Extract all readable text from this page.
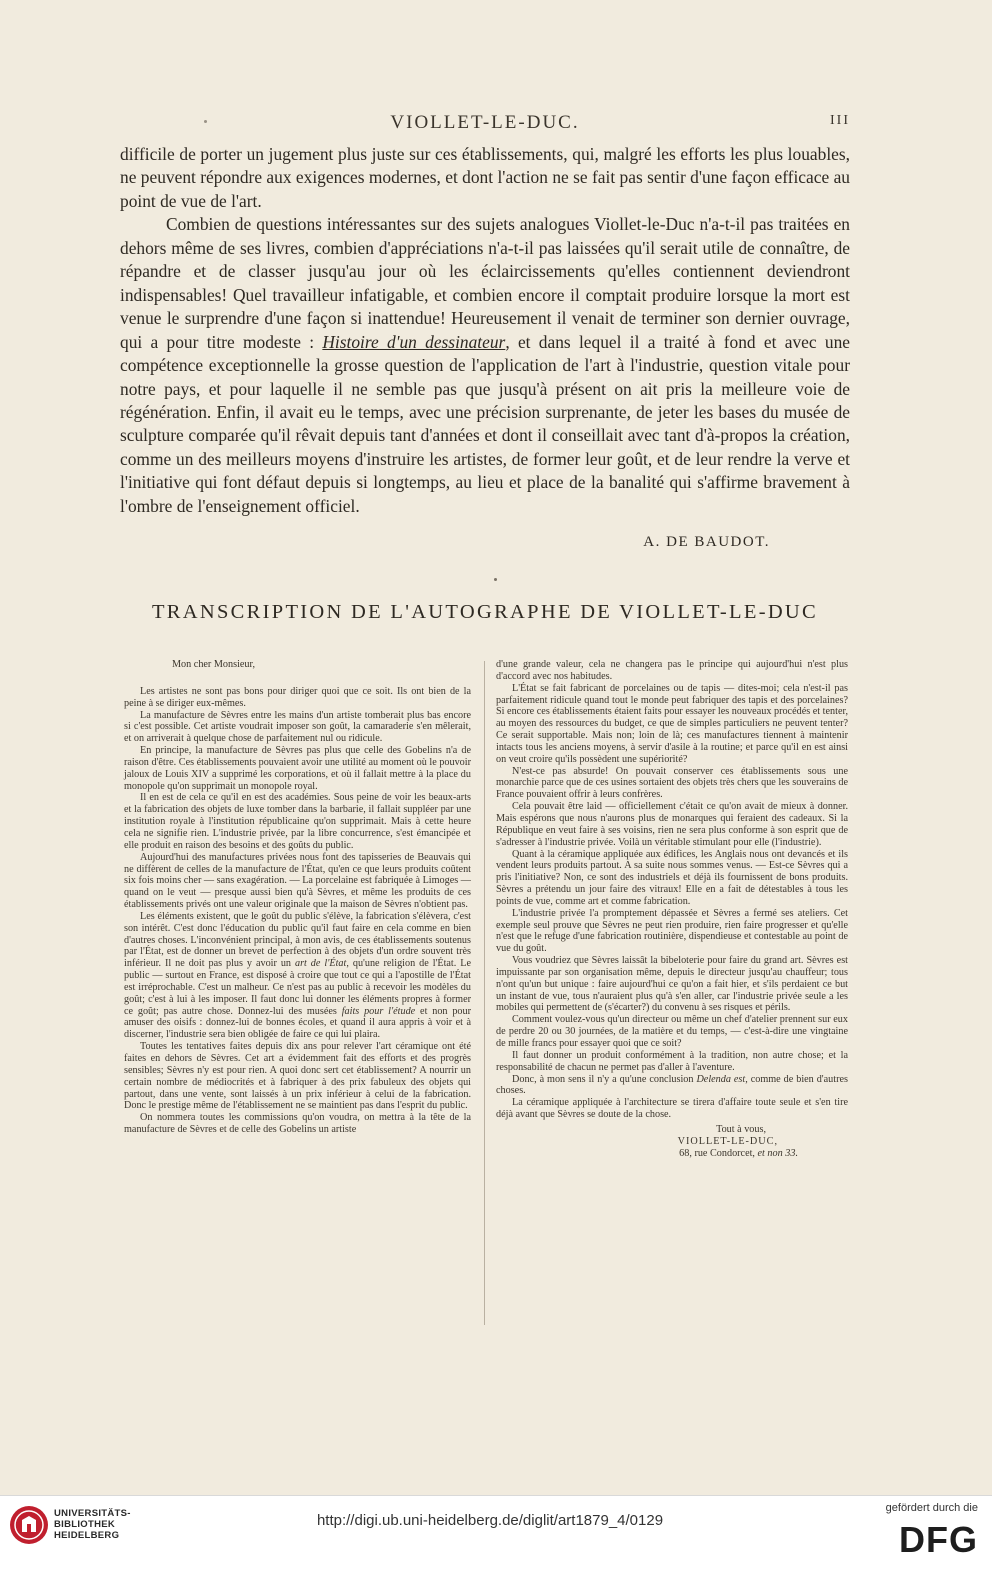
VIOLLET-LE-DUC.	III

difficile de porter un jugement plus juste sur ces établissements, qui, malgré les efforts les plus louables, ne peuvent répondre aux exigences modernes, et dont l'action ne se fait pas sentir d'une façon efficace au point de vue de l'art.

Combien de questions intéressantes sur des sujets analogues Viollet-le-Duc n'a-t-il pas traitées en dehors même de ses livres, combien d'appréciations n'a-t-il pas laissées qu'il serait utile de connaître, de répandre et de classer jusqu'au jour où les éclaircissements qu'elles contiennent deviendront indispensables! Quel travailleur infatigable, et combien encore il comptait produire lorsque la mort est venue le surprendre d'une façon si inattendue! Heureusement il venait de terminer son dernier ouvrage, qui a pour titre modeste : Histoire d'un dessinateur, et dans lequel il a traité à fond et avec une compétence exceptionnelle la grosse question de l'application de l'art à l'industrie, question vitale pour notre pays, et pour laquelle il ne semble pas que jusqu'à présent on ait pris la meilleure voie de régénération. Enfin, il avait eu le temps, avec une précision surprenante, de jeter les bases du musée de sculpture comparée qu'il rêvait depuis tant d'années et dont il conseillait avec tant d'à-propos la création, comme un des meilleurs moyens d'instruire les artistes, de former leur goût, et de leur rendre la verve et l'initiative qui font défaut depuis si longtemps, au lieu et place de la banalité qui s'affirme bravement à l'ombre de l'enseignement officiel.

A. DE BAUDOT.
TRANSCRIPTION DE L'AUTOGRAPHE DE VIOLLET-LE-DUC

Mon cher Monsieur,

Les artistes ne sont pas bons pour diriger quoi que ce soit. Ils ont bien de la peine à se diriger eux-mêmes.

La manufacture de Sèvres entre les mains d'un artiste tomberait plus bas encore si c'est possible. Cet artiste voudrait imposer son goût, la camaraderie s'en mêlerait, et on arriverait à quelque chose de parfaitement nul ou ridicule.

En principe, la manufacture de Sèvres pas plus que celle des Gobelins n'a de raison d'être. Ces établissements pouvaient avoir une utilité au moment où le pouvoir jaloux de Louis XIV a supprimé les corporations, et où il fallait mettre à la place du monopole qu'on supprimait un monopole royal.

Il en est de cela ce qu'il en est des académies. Sous peine de voir les beaux-arts et la fabrication des objets de luxe tomber dans la barbarie, il fallait suppléer par une institution royale à l'institution républicaine qu'on supprimait. Mais à cette heure cela ne signifie rien. L'industrie privée, par la libre concurrence, s'est émancipée et elle produit en raison des besoins et des goûts du public.

Aujourd'hui des manufactures privées nous font des tapisseries de Beauvais qui ne diffèrent de celles de la manufacture de l'État, qu'en ce que leurs produits coûtent six fois moins cher — sans exagération. — La porcelaine est fabriquée à Limoges — quand on le veut — presque aussi bien qu'à Sèvres, et même les produits de ces établissements privés ont une valeur originale que la maison de Sèvres n'obtient pas.

Les éléments existent, que le goût du public s'élève, la fabrication s'élèvera, c'est son intérêt. C'est donc l'éducation du public qu'il faut faire en cela comme en bien d'autres choses. L'inconvénient principal, à mon avis, de ces établissements soutenus par l'État, est de donner un brevet de perfection à des objets d'un ordre souvent très inférieur. Il ne doit pas plus y avoir un art de l'État, qu'une religion de l'État. Le public — surtout en France, est disposé à croire que tout ce qui a l'apostille de l'État est irréprochable. C'est un malheur. Ce n'est pas au public à recevoir les modèles du goût; c'est à lui à les imposer. Il faut donc lui donner les éléments propres à former ce goût; pas autre chose. Donnez-lui des musées faits pour l'étude et non pour amuser des oisifs : donnez-lui de bonnes écoles, et quand il aura appris à voir et à discerner, l'industrie sera bien obligée de faire ce qui lui plaira.

Toutes les tentatives faites depuis dix ans pour relever l'art céramique ont été faites en dehors de Sèvres. Cet art a évidemment fait des efforts et des progrès sensibles; Sèvres n'y est pour rien. A quoi donc sert cet établissement? A nourrir un certain nombre de médiocrités et à fabriquer à des prix fabuleux des objets qui partout, dans une vente, sont laissés à un prix inférieur à celui de la fabrication. Donc le prestige même de l'établissement ne se maintient pas dans l'esprit du public.

On nommera toutes les commissions qu'on voudra, on mettra à la tête de la manufacture de Sèvres et de celle des Gobelins un artiste

d'une grande valeur, cela ne changera pas le principe qui aujourd'hui n'est plus d'accord avec nos habitudes.

L'État se fait fabricant de porcelaines ou de tapis — dites-moi; cela n'est-il pas parfaitement ridicule quand tout le monde peut fabriquer des tapis et des porcelaines? Si encore ces établissements étaient faits pour essayer les nouveaux procédés et tenter, au moyen des ressources du budget, ce que de simples particuliers ne peuvent tenter? Ce serait supportable. Mais non; loin de là; ces manufactures tiennent à maintenir intacts tous les anciens moyens, à servir d'asile à la routine; et parce qu'il en est ainsi on veut croire qu'ils possèdent une supériorité?

N'est-ce pas absurde! On pouvait conserver ces établissements sous une monarchie parce que de ces usines sortaient des objets très chers que les souverains de France pouvaient offrir à leurs confrères.

Cela pouvait être laid — officiellement c'était ce qu'on avait de mieux à donner. Mais espérons que nous n'aurons plus de monarques qui feraient des cadeaux. Si la République en veut faire à ses voisins, rien ne sera plus conforme à son esprit que de s'adresser à l'industrie privée. Voilà un véritable stimulant pour elle (l'industrie).

Quant à la céramique appliquée aux édifices, les Anglais nous ont devancés et ils vendent leurs produits partout. A sa suite nous sommes venus. — Est-ce Sèvres qui a pris l'initiative? Non, ce sont des industriels et déjà ils fournissent de bons produits. Sèvres a prétendu un jour faire des vitraux! Elle en a fait de détestables à tous les points de vue, comme art et comme fabrication.

L'industrie privée l'a promptement dépassée et Sèvres a fermé ses ateliers. Cet exemple seul prouve que Sèvres ne peut rien produire, rien faire progresser et qu'elle n'est que le refuge d'une fabrication routinière, dispendieuse et contestable au point de vue du goût.

Vous voudriez que Sèvres laissât la bibeloterie pour faire du grand art. Sèvres est impuissante par son organisation même, depuis le directeur jusqu'au chauffeur; tous n'ont qu'un but unique : faire aujourd'hui ce qu'on a fait hier, et s'ils perdaient ce but un instant de vue, tous n'auraient plus qu'à s'en aller, car l'industrie privée seule a les mobiles qui permettent de (s'écarter?) du convenu à ses risques et périls.

Comment voulez-vous qu'un directeur ou même un chef d'atelier prennent sur eux de perdre 20 ou 30 journées, de la matière et du temps, — c'est-à-dire une vingtaine de mille francs pour essayer quoi que ce soit?

Il faut donner un produit conformément à la tradition, non autre chose; et la responsabilité de chacun ne permet pas d'aller à l'aventure.

Donc, à mon sens il n'y a qu'une conclusion Delenda est, comme de bien d'autres choses.

La céramique appliquée à l'architecture se tirera d'affaire toute seule et s'en tire déjà avant que Sèvres se doute de la chose.

Tout à vous,

VIOLLET-LE-DUC,

68, rue Condorcet, et non 33.

UNIVERSITÄTS-
BIBLIOTHEK
HEIDELBERG
http://digi.ub.uni-heidelberg.de/diglit/art1879_4/0129
gefördert durch die
DFG
